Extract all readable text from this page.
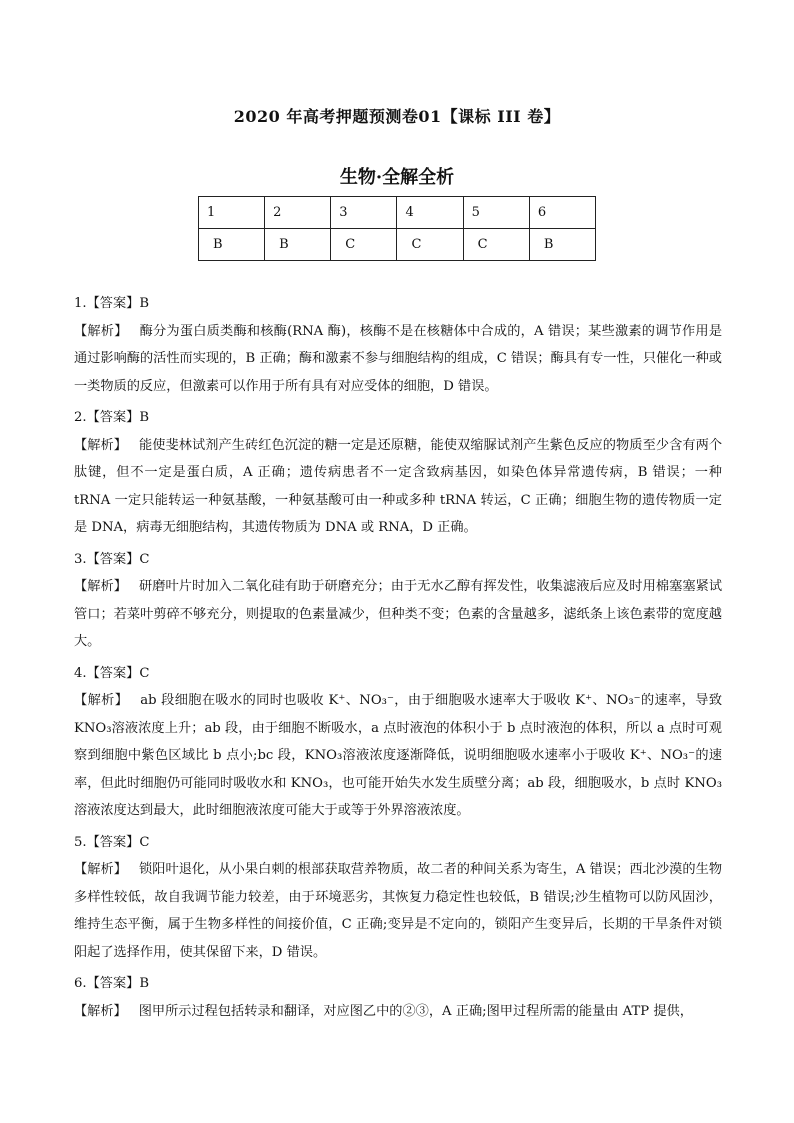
2020 年高考押题预测卷01【课标 III 卷】
生物·全解全析
1	2	3	4	5	6
B	B	C	C	C	B

1.【答案】B

【解析】 酶分为蛋白质类酶和核酶(RNA 酶)，核酶不是在核糖体中合成的，A 错误；某些激素的调节作用是通过影响酶的活性而实现的，B 正确；酶和激素不参与细胞结构的组成，C 错误；酶具有专一性，只催化一种或一类物质的反应，但激素可以作用于所有具有对应受体的细胞，D 错误。

2.【答案】B

【解析】 能使斐林试剂产生砖红色沉淀的糖一定是还原糖，能使双缩脲试剂产生紫色反应的物质至少含有两个肽键，但不一定是蛋白质，A 正确；遗传病患者不一定含致病基因，如染色体异常遗传病，B 错误；一种 tRNA 一定只能转运一种氨基酸，一种氨基酸可由一种或多种 tRNA 转运，C 正确；细胞生物的遗传物质一定是 DNA，病毒无细胞结构，其遗传物质为 DNA 或 RNA，D 正确。

3.【答案】C

【解析】 研磨叶片时加入二氧化硅有助于研磨充分；由于无水乙醇有挥发性，收集滤液后应及时用棉塞塞紧试管口；若菜叶剪碎不够充分，则提取的色素量减少，但种类不变；色素的含量越多，滤纸条上该色素带的宽度越大。

4.【答案】C

【解析】 ab 段细胞在吸水的同时也吸收 K⁺、NO₃⁻，由于细胞吸水速率大于吸收 K⁺、NO₃⁻的速率，导致 KNO₃溶液浓度上升；ab 段，由于细胞不断吸水，a 点时液泡的体积小于 b 点时液泡的体积，所以 a 点时可观察到细胞中紫色区域比 b 点小;bc 段，KNO₃溶液浓度逐渐降低，说明细胞吸水速率小于吸收 K⁺、NO₃⁻的速率，但此时细胞仍可能同时吸收水和 KNO₃，也可能开始失水发生质壁分离；ab 段，细胞吸水，b 点时 KNO₃溶液浓度达到最大，此时细胞液浓度可能大于或等于外界溶液浓度。

5.【答案】C

【解析】 锁阳叶退化，从小果白刺的根部获取营养物质，故二者的种间关系为寄生，A 错误；西北沙漠的生物多样性较低，故自我调节能力较差，由于环境恶劣，其恢复力稳定性也较低，B 错误;沙生植物可以防风固沙，维持生态平衡，属于生物多样性的间接价值，C 正确;变异是不定向的，锁阳产生变异后，长期的干旱条件对锁阳起了选择作用，使其保留下来，D 错误。

6.【答案】B

【解析】 图甲所示过程包括转录和翻译，对应图乙中的②③，A 正确;图甲过程所需的能量由 ATP 提供，
